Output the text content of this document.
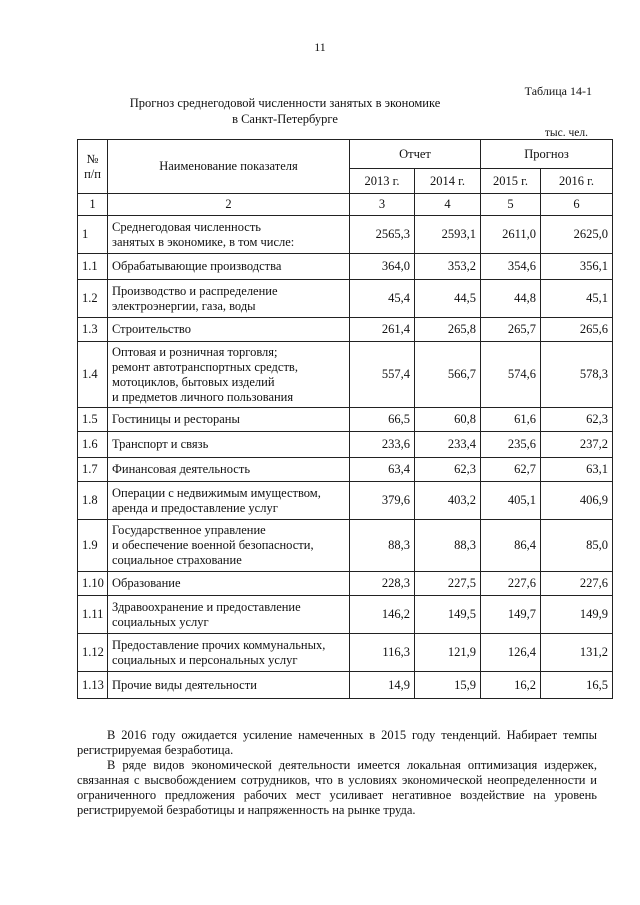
11
Таблица 14-1
Прогноз среднегодовой численности занятых в экономике
в Санкт-Петербурге
тыс. чел.
№
п/п	Наименование показателя	Отчет		Прогноз	
		2013 г.	2014 г.	2015 г.	2016 г.
1	2	3	4	5	6
1	Среднегодовая численность
занятых в экономике, в том числе:	2565,3	2593,1	2611,0	2625,0
1.1	Обрабатывающие производства	364,0	353,2	354,6	356,1
1.2	Производство и распределение
электроэнергии, газа, воды	45,4	44,5	44,8	45,1
1.3	Строительство	261,4	265,8	265,7	265,6
1.4	Оптовая и розничная торговля;
ремонт автотранспортных средств,
мотоциклов, бытовых изделий
и предметов личного пользования	557,4	566,7	574,6	578,3
1.5	Гостиницы и рестораны	66,5	60,8	61,6	62,3
1.6	Транспорт и связь	233,6	233,4	235,6	237,2
1.7	Финансовая деятельность	63,4	62,3	62,7	63,1
1.8	Операции с недвижимым имуществом,
аренда и предоставление услуг	379,6	403,2	405,1	406,9
1.9	Государственное управление
и обеспечение военной безопасности,
социальное страхование	88,3	88,3	86,4	85,0
1.10	Образование	228,3	227,5	227,6	227,6
1.11	Здравоохранение и предоставление
социальных услуг	146,2	149,5	149,7	149,9
1.12	Предоставление прочих коммунальных,
социальных и персональных услуг	116,3	121,9	126,4	131,2
1.13	Прочие виды деятельности	14,9	15,9	16,2	16,5

В 2016 году ожидается усиление намеченных в 2015 году тенденций. Набирает темпы регистрируемая безработица.

В ряде видов экономической деятельности имеется локальная оптимизация издержек, связанная с высвобождением сотрудников, что в условиях экономической неопределенности и ограниченного предложения рабочих мест усиливает негативное воздействие на уровень регистрируемой безработицы и напряженность на рынке труда.
